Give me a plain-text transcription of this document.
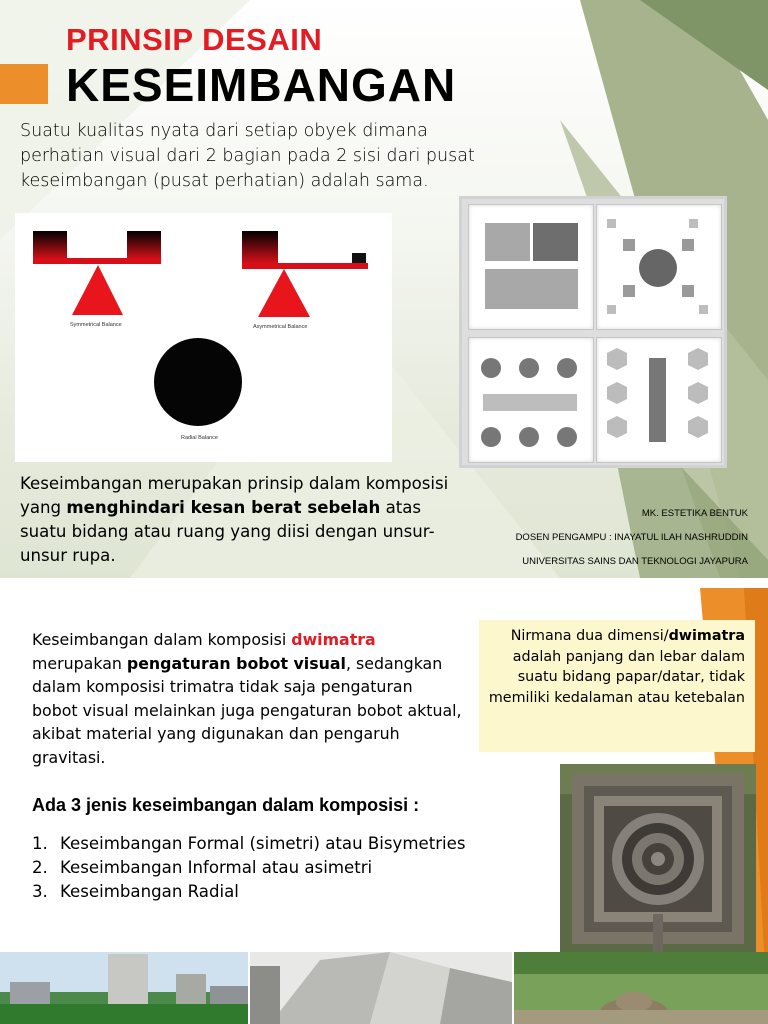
PRINSIP DESAIN
KESEIMBANGAN

Suatu kualitas nyata dari setiap obyek dimana perhatian visual dari 2 bagian pada 2 sisi dari pusat keseimbangan (pusat perhatian) adalah sama.

Symmetrical Balance	Asymmetrical Balance
Radial Balance

Keseimbangan merupakan prinsip dalam komposisi yang menghindari kesan berat sebelah atas suatu bidang atau ruang yang diisi dengan unsur-unsur rupa.

MK. ESTETIKA BENTUK
DOSEN PENGAMPU : INAYATUL ILAH NASHRUDDIN
UNIVERSITAS SAINS DAN TEKNOLOGI JAYAPURA

Keseimbangan dalam komposisi dwimatra merupakan pengaturan bobot visual, sedangkan dalam komposisi trimatra tidak saja pengaturan bobot visual melainkan juga pengaturan bobot aktual, akibat material yang digunakan dan pengaruh gravitasi.

Nirmana dua dimensi/dwimatra adalah panjang dan lebar dalam suatu bidang papar/datar, tidak memiliki kedalaman atau ketebalan
Ada 3 jenis keseimbangan dalam komposisi :
1. Keseimbangan Formal (simetri) atau Bisymetries
2. Keseimbangan Informal atau asimetri
3. Keseimbangan Radial
